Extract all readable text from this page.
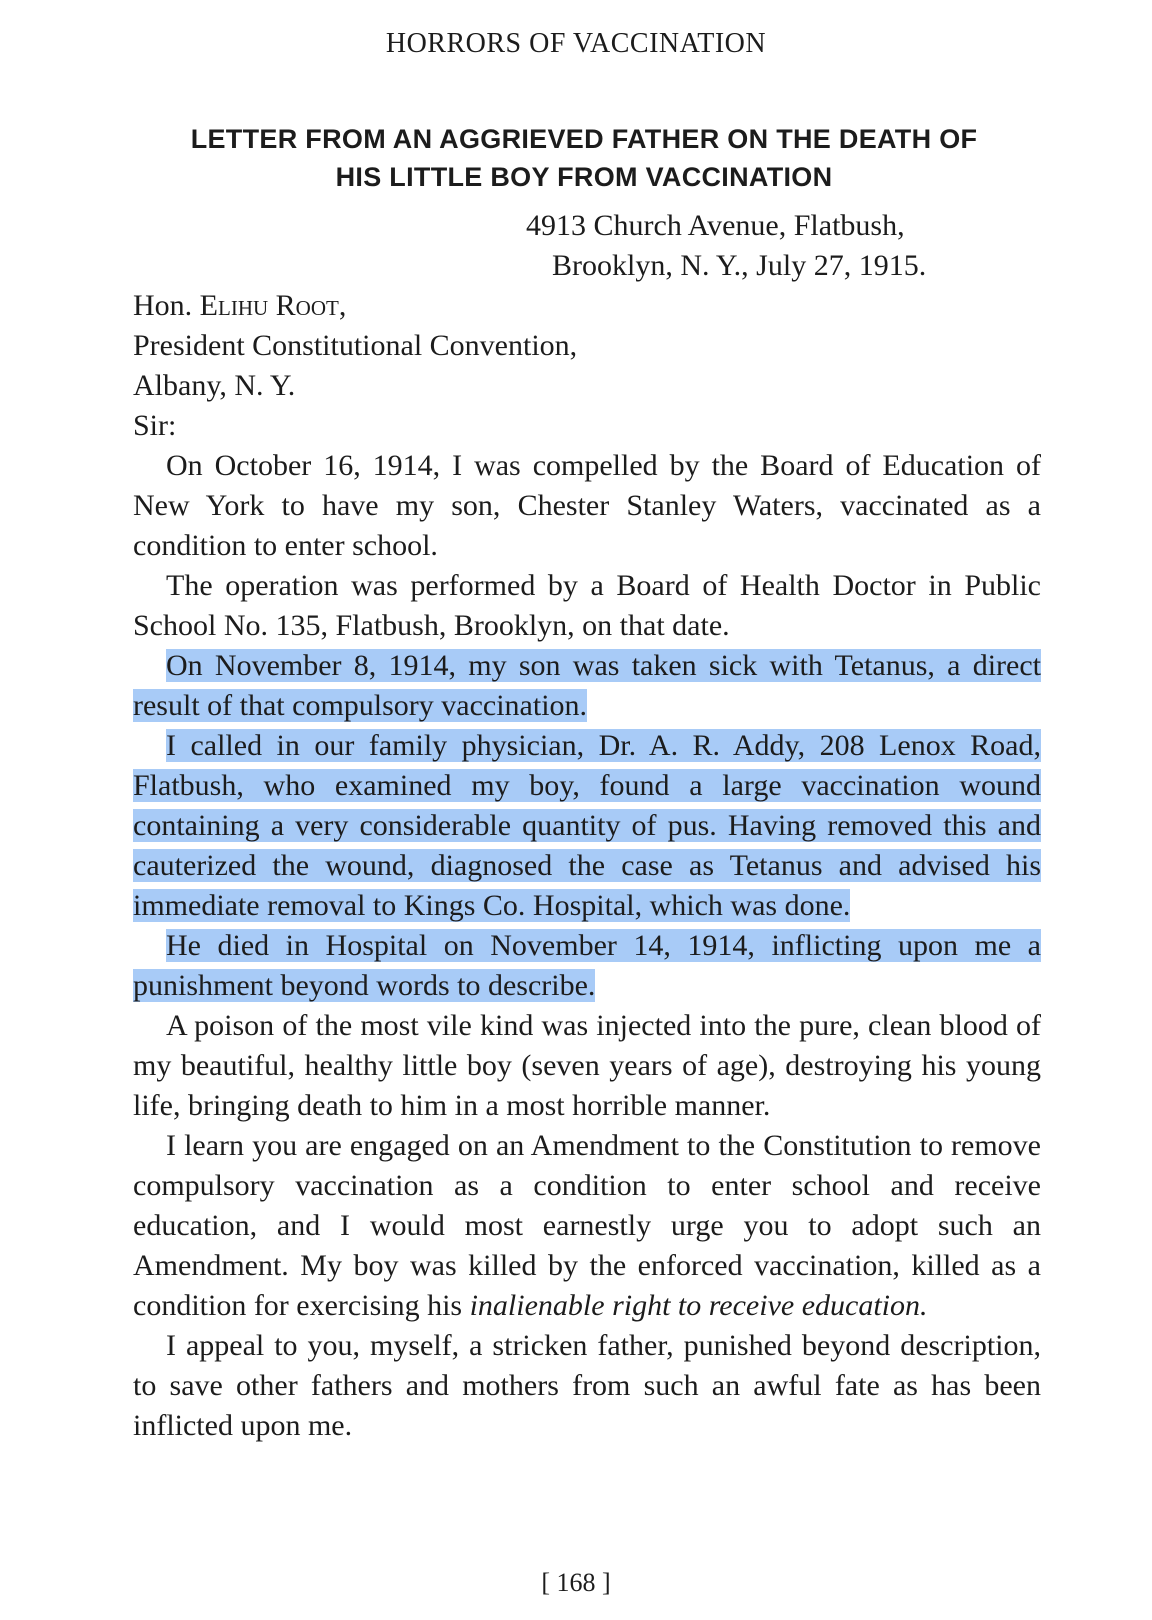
HORRORS OF VACCINATION
LETTER FROM AN AGGRIEVED FATHER ON THE DEATH OF
HIS LITTLE BOY FROM VACCINATION
4913 Church Avenue, Flatbush,
Brooklyn, N. Y., July 27, 1915.
Hon. Elihu Root,
President Constitutional Convention,
Albany, N. Y.
Sir:

On October 16, 1914, I was compelled by the Board of Education of New York to have my son, Chester Stanley Waters, vaccinated as a condition to enter school.

The operation was performed by a Board of Health Doctor in Public School No. 135, Flatbush, Brooklyn, on that date.

On November 8, 1914, my son was taken sick with Tetanus, a direct result of that compulsory vaccination.

I called in our family physician, Dr. A. R. Addy, 208 Lenox Road, Flatbush, who examined my boy, found a large vaccination wound containing a very considerable quantity of pus. Having removed this and cauterized the wound, diagnosed the case as Tetanus and advised his immediate removal to Kings Co. Hospital, which was done.

He died in Hospital on November 14, 1914, inflicting upon me a punishment beyond words to describe.

A poison of the most vile kind was injected into the pure, clean blood of my beautiful, healthy little boy (seven years of age), destroying his young life, bringing death to him in a most horrible manner.

I learn you are engaged on an Amendment to the Constitution to remove compulsory vaccination as a condition to enter school and receive education, and I would most earnestly urge you to adopt such an Amendment. My boy was killed by the enforced vaccination, killed as a condition for exercising his inalienable right to receive education.

I appeal to you, myself, a stricken father, punished beyond description, to save other fathers and mothers from such an awful fate as has been inflicted upon me.

[ 168 ]
